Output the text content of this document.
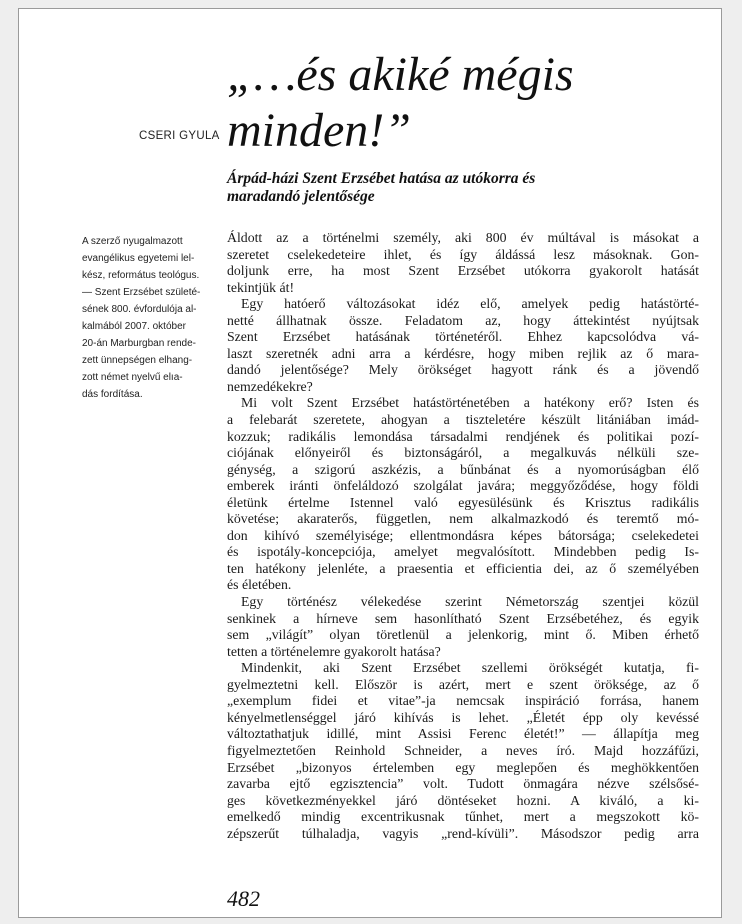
„…és akiké mégis
minden!”
CSERI GYULA
Árpád-házi Szent Erzsébet hatása az utókorra és
maradandó jelentősége
A szerző nyugalmazott
evangélikus egyetemi lel-
kész, református teológus.
— Szent Erzsébet születé-
sének 800. évfordulója al-
kalmából 2007. október
20-án Marburgban rende-
zett ünnepségen elhang-
zott német nyelvű elıa-
dás fordítása.
Áldott az a történelmi személy, aki 800 év múltával is másokat a
szeretet cselekedeteire ihlet, és így áldássá lesz másoknak. Gon-
doljunk erre, ha most Szent Erzsébet utókorra gyakorolt hatását
tekintjük át!
Egy hatóerő változásokat idéz elő, amelyek pedig hatástörté-
netté állhatnak össze. Feladatom az, hogy áttekintést nyújtsak
Szent Erzsébet hatásának történetéről. Ehhez kapcsolódva vá-
laszt szeretnék adni arra a kérdésre, hogy miben rejlik az ő mara-
dandó jelentősége? Mely örökséget hagyott ránk és a jövendő
nemzedékekre?
Mi volt Szent Erzsébet hatástörténetében a hatékony erő? Isten és
a felebarát szeretete, ahogyan a tiszteletére készült litániában imád-
kozzuk; radikális lemondása társadalmi rendjének és politikai pozí-
ciójának előnyeiről és biztonságáról, a megalkuvás nélküli sze-
génység, a szigorú aszkézis, a bűnbánat és a nyomorúságban élő
emberek iránti önfeláldozó szolgálat javára; meggyőződése, hogy földi
életünk értelme Istennel való egyesülésünk és Krisztus radikális
követése; akaraterős, független, nem alkalmazkodó és teremtő mó-
don kihívó személyisége; ellentmondásra képes bátorsága; cselekedetei
és ispotály-koncepciója, amelyet megvalósított. Mindebben pedig Is-
ten hatékony jelenléte, a praesentia et efficientia dei, az ő személyében
és életében.
Egy történész vélekedése szerint Németország szentjei közül
senkinek a hírneve sem hasonlítható Szent Erzsébetéhez, és egyik
sem „világít” olyan töretlenül a jelenkorig, mint ő. Miben érhető
tetten a történelemre gyakorolt hatása?
Mindenkit, aki Szent Erzsébet szellemi örökségét kutatja, fi-
gyelmeztetni kell. Először is azért, mert e szent öröksége, az ő
„exemplum fidei et vitae”-ja nemcsak inspiráció forrása, hanem
kényelmetlenséggel járó kihívás is lehet. „Életét épp oly kevéssé
változtathatjuk idillé, mint Assisi Ferenc életét!” — állapítja meg
figyelmeztetően Reinhold Schneider, a neves író. Majd hozzáfűzi,
Erzsébet „bizonyos értelemben egy meglepően és meghökkentően
zavarba ejtő egzisztencia” volt. Tudott önmagára nézve szélsősé-
ges következményekkel járó döntéseket hozni. A kiváló, a ki-
emelkedő mindig excentrikusnak tűnhet, mert a megszokott kö-
zépszerűt túlhaladja, vagyis „rend-kívüli”. Másodszor pedig arra
482
